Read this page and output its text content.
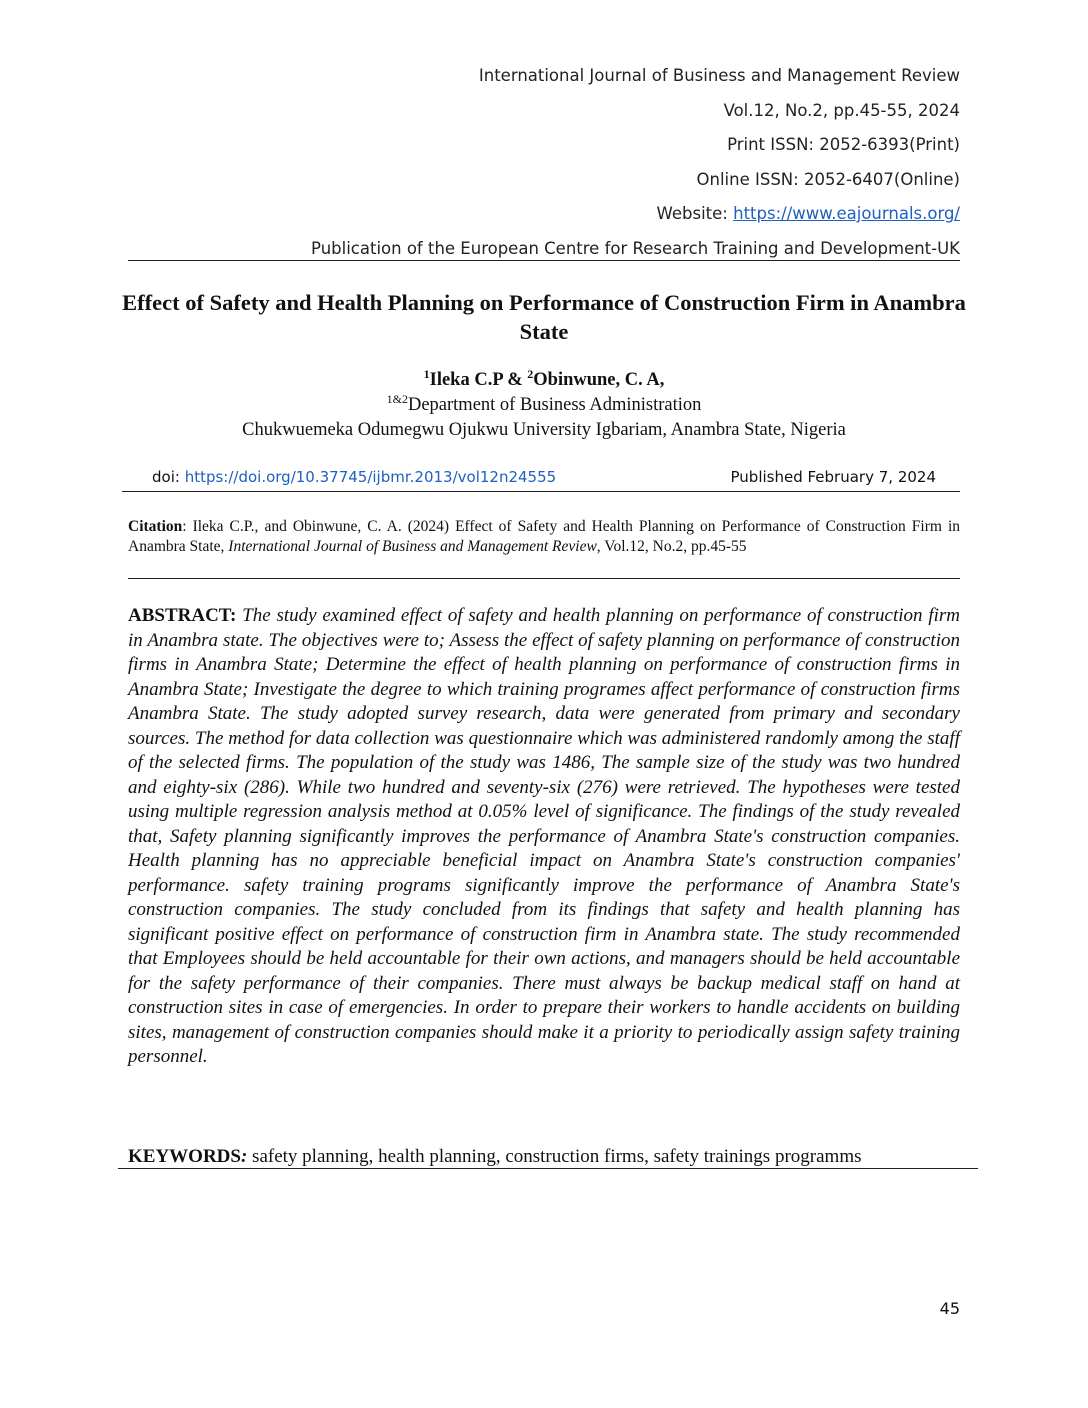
International Journal of Business and Management Review
Vol.12, No.2, pp.45-55, 2024
Print ISSN: 2052-6393(Print)
Online ISSN: 2052-6407(Online)
Website: https://www.eajournals.org/
Publication of the European Centre for Research Training and Development-UK
Effect of Safety and Health Planning on Performance of Construction Firm in Anambra State
$^1$Ileka C.P & $^2$Obinwune, C. A,
$^{1\&2}$Department of Business Administration
Chukwuemeka Odumegwu Ojukwu University Igbariam, Anambra State, Nigeria
doi: https://doi.org/10.37745/ijbmr.2013/vol12n24555	Published February 7, 2024
Citation: Ileka C.P., and Obinwune, C. A. (2024) Effect of Safety and Health Planning on Performance of Construction Firm in Anambra State, International Journal of Business and Management Review, Vol.12, No.2, pp.45-55
ABSTRACT: The study examined effect of safety and health planning on performance of construction firm in Anambra state. The objectives were to; Assess the effect of safety planning on performance of construction firms in Anambra State; Determine the effect of health planning on performance of construction firms in Anambra State; Investigate the degree to which training programes affect performance of construction firms Anambra State. The study adopted survey research, data were generated from primary and secondary sources. The method for data collection was questionnaire which was administered randomly among the staff of the selected firms. The population of the study was 1486, The sample size of the study was two hundred and eighty-six (286). While two hundred and seventy-six (276) were retrieved. The hypotheses were tested using multiple regression analysis method at 0.05% level of significance. The findings of the study revealed that, Safety planning significantly improves the performance of Anambra State's construction companies. Health planning has no appreciable beneficial impact on Anambra State's construction companies' performance. safety training programs significantly improve the performance of Anambra State's construction companies. The study concluded from its findings that safety and health planning has significant positive effect on performance of construction firm in Anambra state. The study recommended that Employees should be held accountable for their own actions, and managers should be held accountable for the safety performance of their companies. There must always be backup medical staff on hand at construction sites in case of emergencies. In order to prepare their workers to handle accidents on building sites, management of construction companies should make it a priority to periodically assign safety training personnel.
KEYWORDS: safety planning, health planning, construction firms, safety trainings programms
45
